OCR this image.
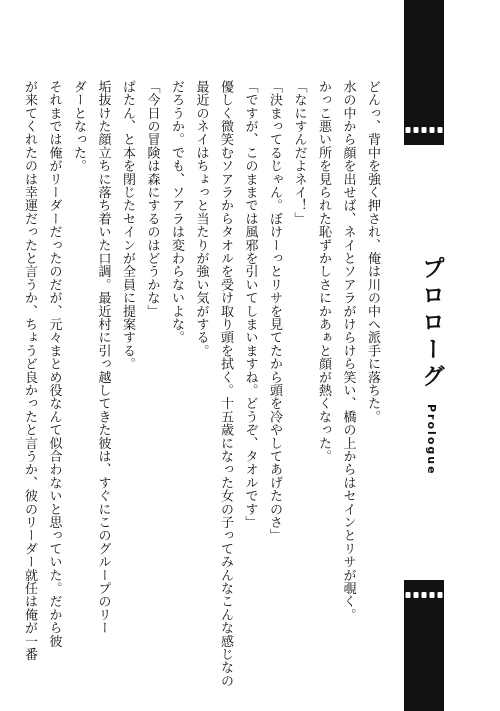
プロローグ Prologue
どんっ、背中を強く押され、俺は川の中へ派手に落ちた。
水の中から顔を出せば、ネイとソアラがけらけら笑い、橋の上からはセインとリサが覗く。
かっこ悪い所を見られた恥ずかしさにかあぁと顔が熱くなった。
「なにすんだよネイ！」
「決まってるじゃん。ぼけーっとリサを見てたから頭を冷やしてあげたのさ」
「ですが、このままでは風邪を引いてしまいますね。どうぞ、タオルです」
優しく微笑むソアラからタオルを受け取り頭を拭く。十五歳になった女の子ってみんなこんな感じなの
最近のネイはちょっと当たりが強い気がする。
だろうか。でも、ソアラは変わらないよな。
「今日の冒険は森にするのはどうかな」
ぱたん、と本を閉じたセインが全員に提案する。
垢抜けた顔立ちに落ち着いた口調。最近村に引っ越してきた彼は、すぐにこのグループのリー
ダーとなった。
それまでは俺がリーダーだったのだが、元々まとめ役なんて似合わないと思っていた。だから彼
が来てくれたのは幸運だったと言うか、ちょうど良かったと言うか、彼のリーダー就任は俺が一番
